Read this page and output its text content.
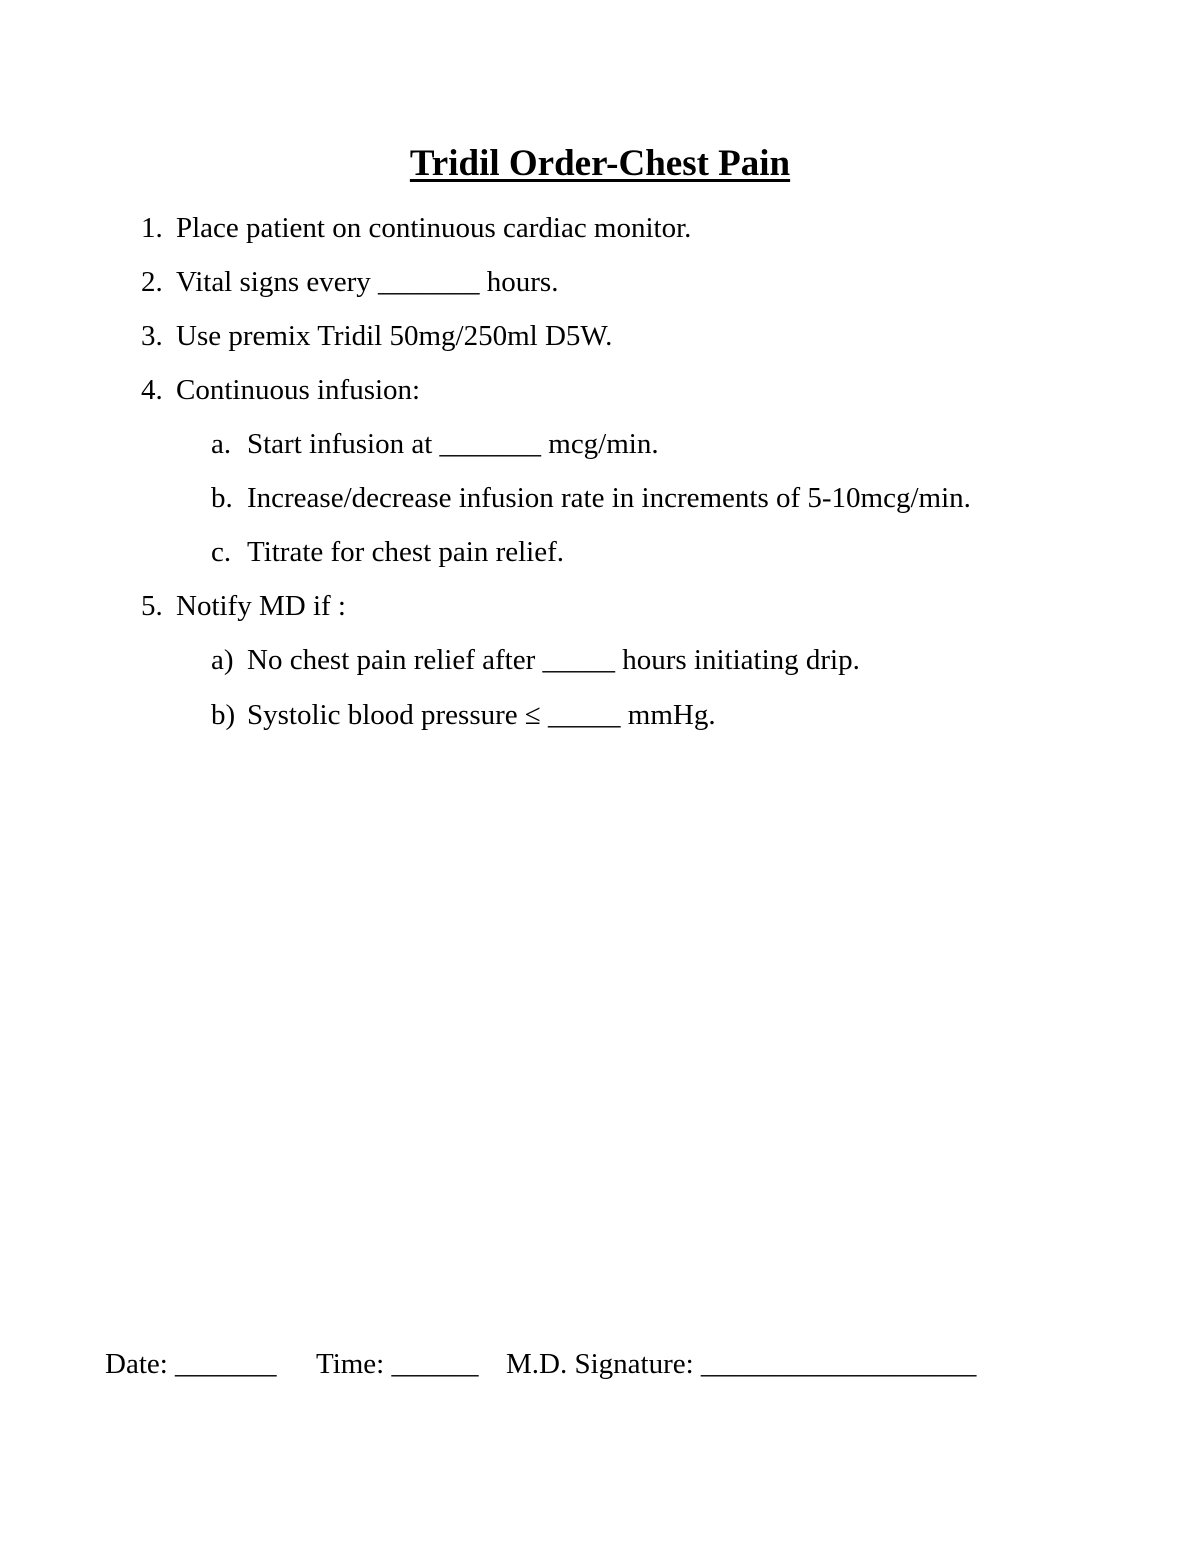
Tridil Order-Chest Pain
1. Place patient on continuous cardiac monitor.
2. Vital signs every _______ hours.
3. Use premix Tridil 50mg/250ml D5W.
4. Continuous infusion:
a. Start infusion at _______ mcg/min.
b. Increase/decrease infusion rate in increments of 5-10mcg/min.
c. Titrate for chest pain relief.
5. Notify MD if :
a) No chest pain relief after _____ hours initiating drip.
b) Systolic blood pressure ≤ _____ mmHg.
Date: _______ Time: ______ M.D. Signature: ___________________
